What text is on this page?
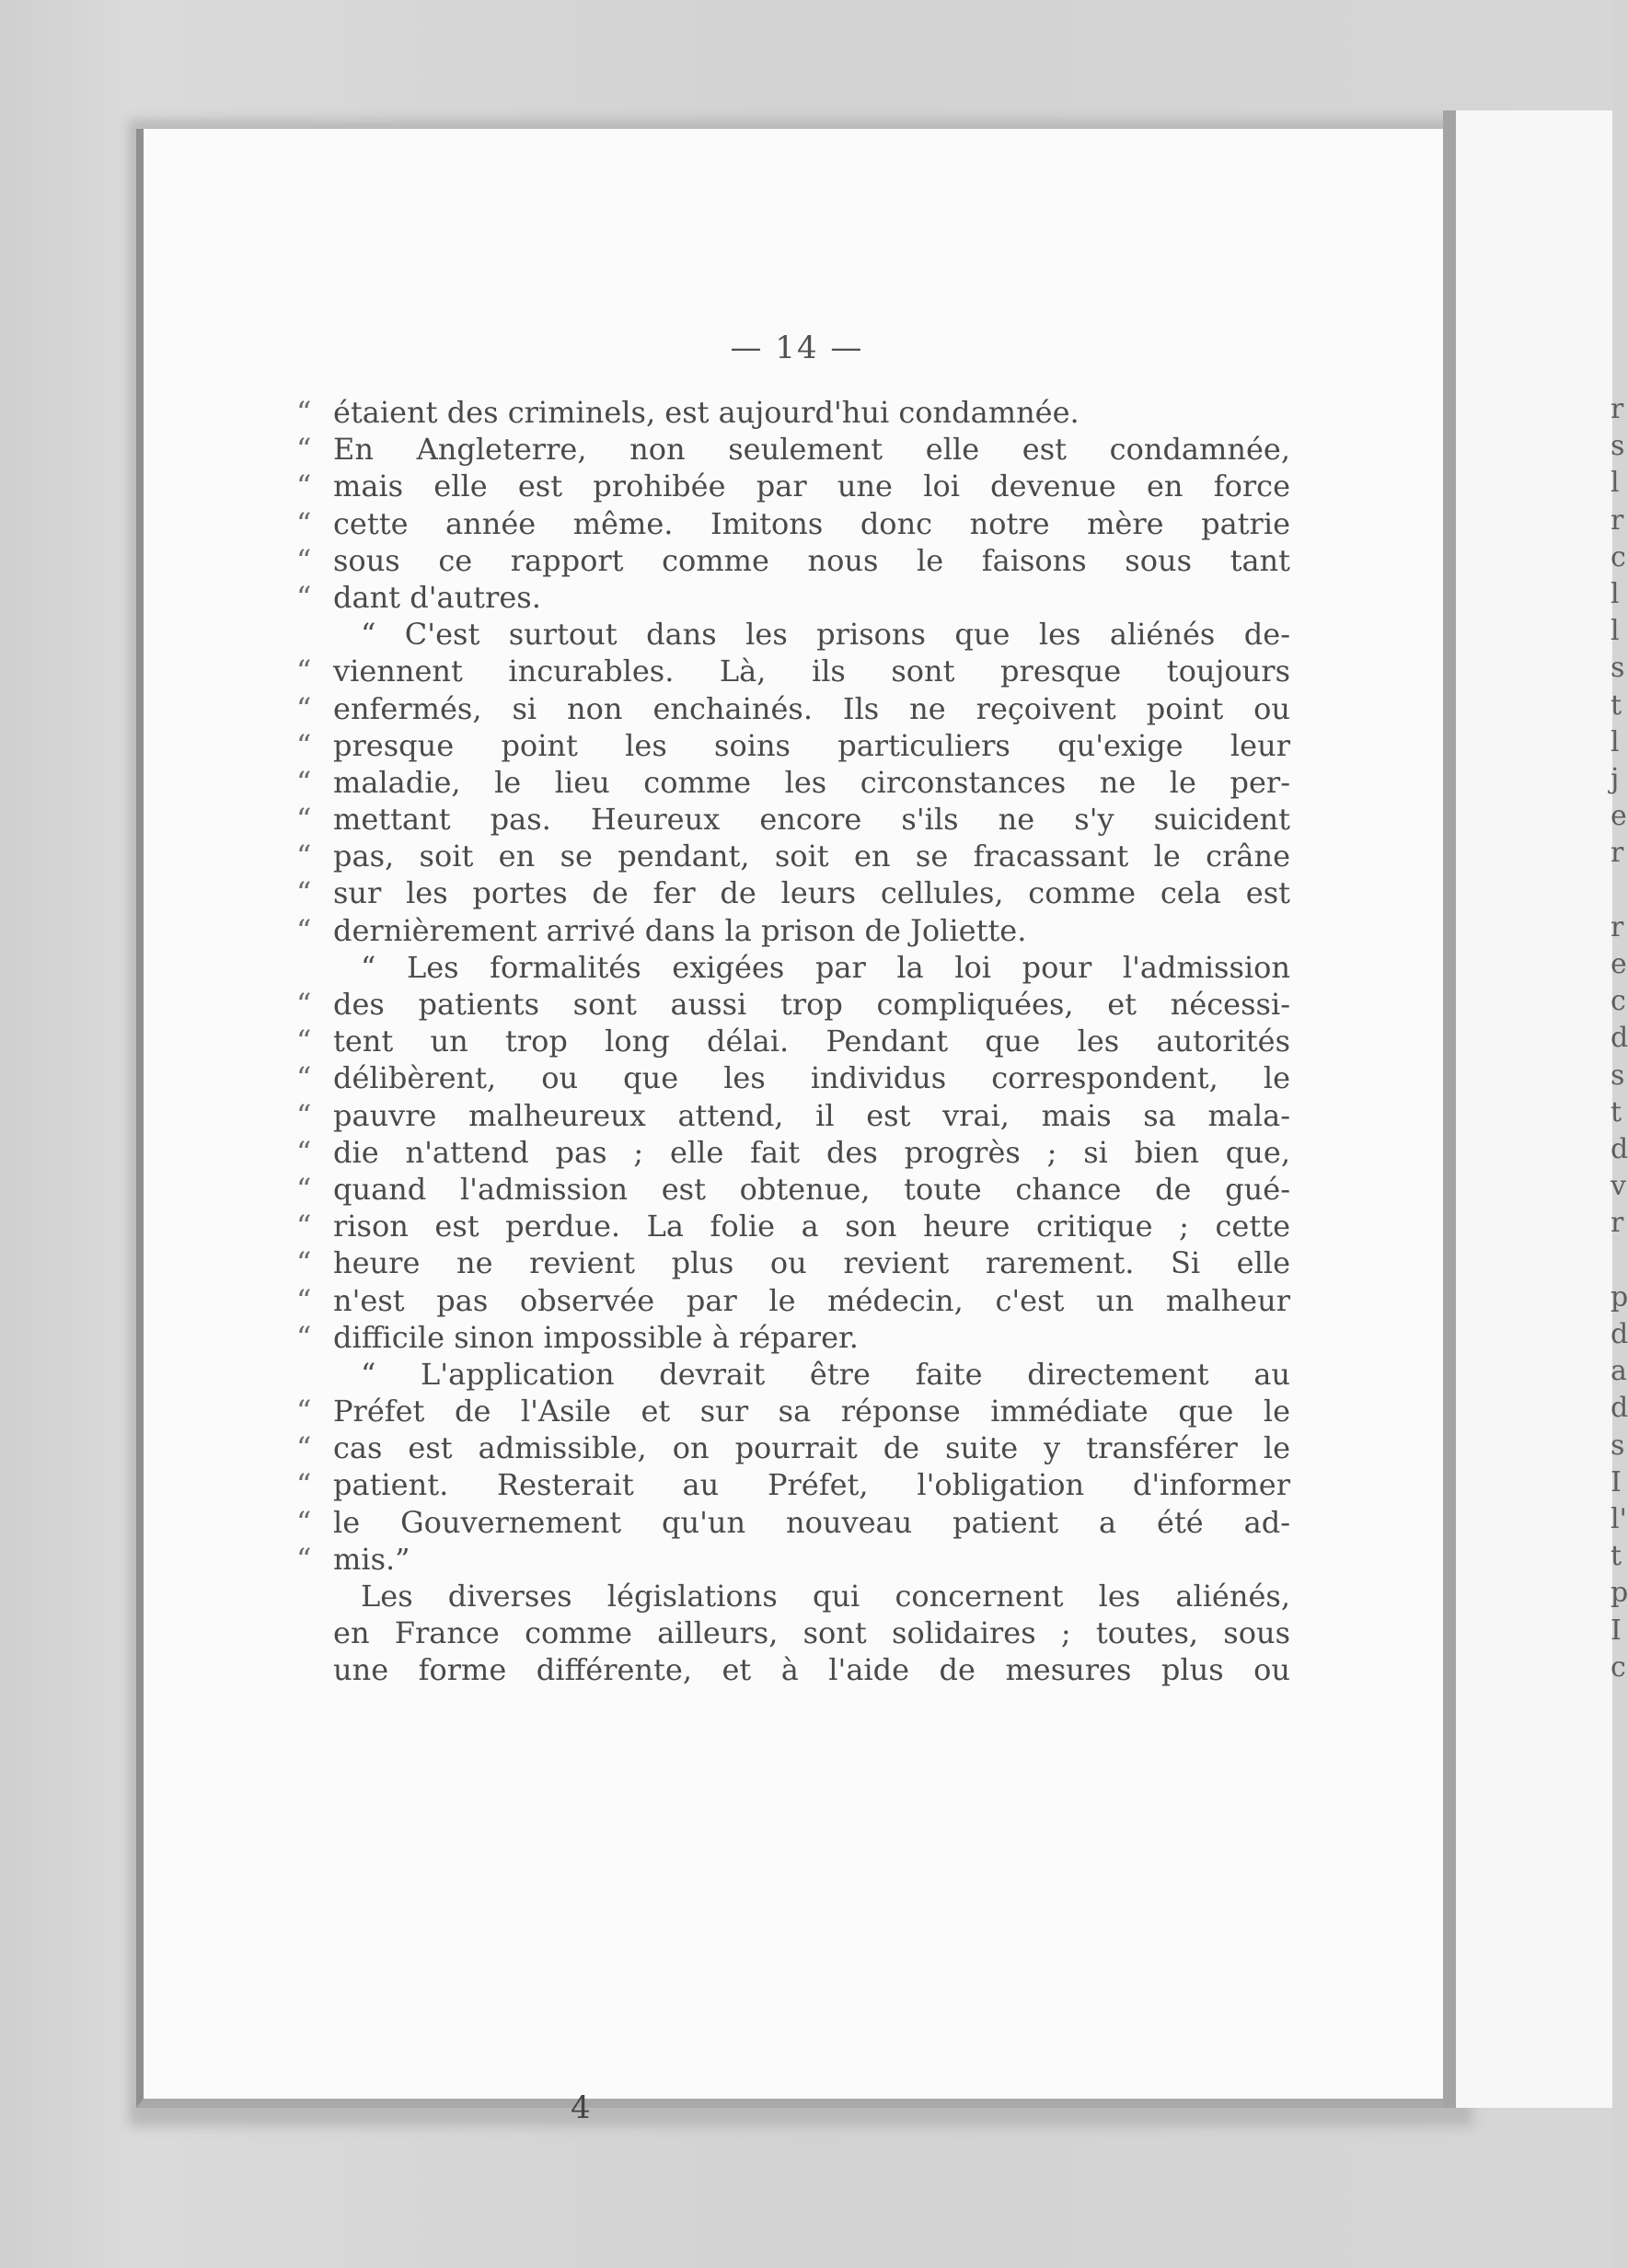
— 14 —
r
s
l
r
c
l
l
s
t
l
j
e
r
r
e
c
d
s
t
d
v
r
p
d
a
d
s
I
l'
t
p
I
c
“ étaient des criminels, est aujourd'hui condamnée.
“ En Angleterre, non seulement elle est condamnée,
“ mais elle est prohibée par une loi devenue en force
“ cette année même. Imitons donc notre mère patrie
“ sous ce rapport comme nous le faisons sous tant
“ dant d'autres.
“ C'est surtout dans les prisons que les aliénés de-
“ viennent incurables. Là, ils sont presque toujours
“ enfermés, si non enchainés. Ils ne reçoivent point ou
“ presque point les soins particuliers qu'exige leur
“ maladie, le lieu comme les circonstances ne le per-
“ mettant pas. Heureux encore s'ils ne s'y suicident
“ pas, soit en se pendant, soit en se fracassant le crâne
“ sur les portes de fer de leurs cellules, comme cela est
“ dernièrement arrivé dans la prison de Joliette.
“ Les formalités exigées par la loi pour l'admission
“ des patients sont aussi trop compliquées, et nécessi-
“ tent un trop long délai. Pendant que les autorités
“ délibèrent, ou que les individus correspondent, le
“ pauvre malheureux attend, il est vrai, mais sa mala-
“ die n'attend pas ; elle fait des progrès ; si bien que,
“ quand l'admission est obtenue, toute chance de gué-
“ rison est perdue. La folie a son heure critique ; cette
“ heure ne revient plus ou revient rarement. Si elle
“ n'est pas observée par le médecin, c'est un malheur
“ difficile sinon impossible à réparer.
“ L'application devrait être faite directement au
“ Préfet de l'Asile et sur sa réponse immédiate que le
“ cas est admissible, on pourrait de suite y transférer le
“ patient. Resterait au Préfet, l'obligation d'informer
“ le Gouvernement qu'un nouveau patient a été ad-
“ mis.”
Les diverses législations qui concernent les aliénés,
en France comme ailleurs, sont solidaires ; toutes, sous
une forme différente, et à l'aide de mesures plus ou
4
